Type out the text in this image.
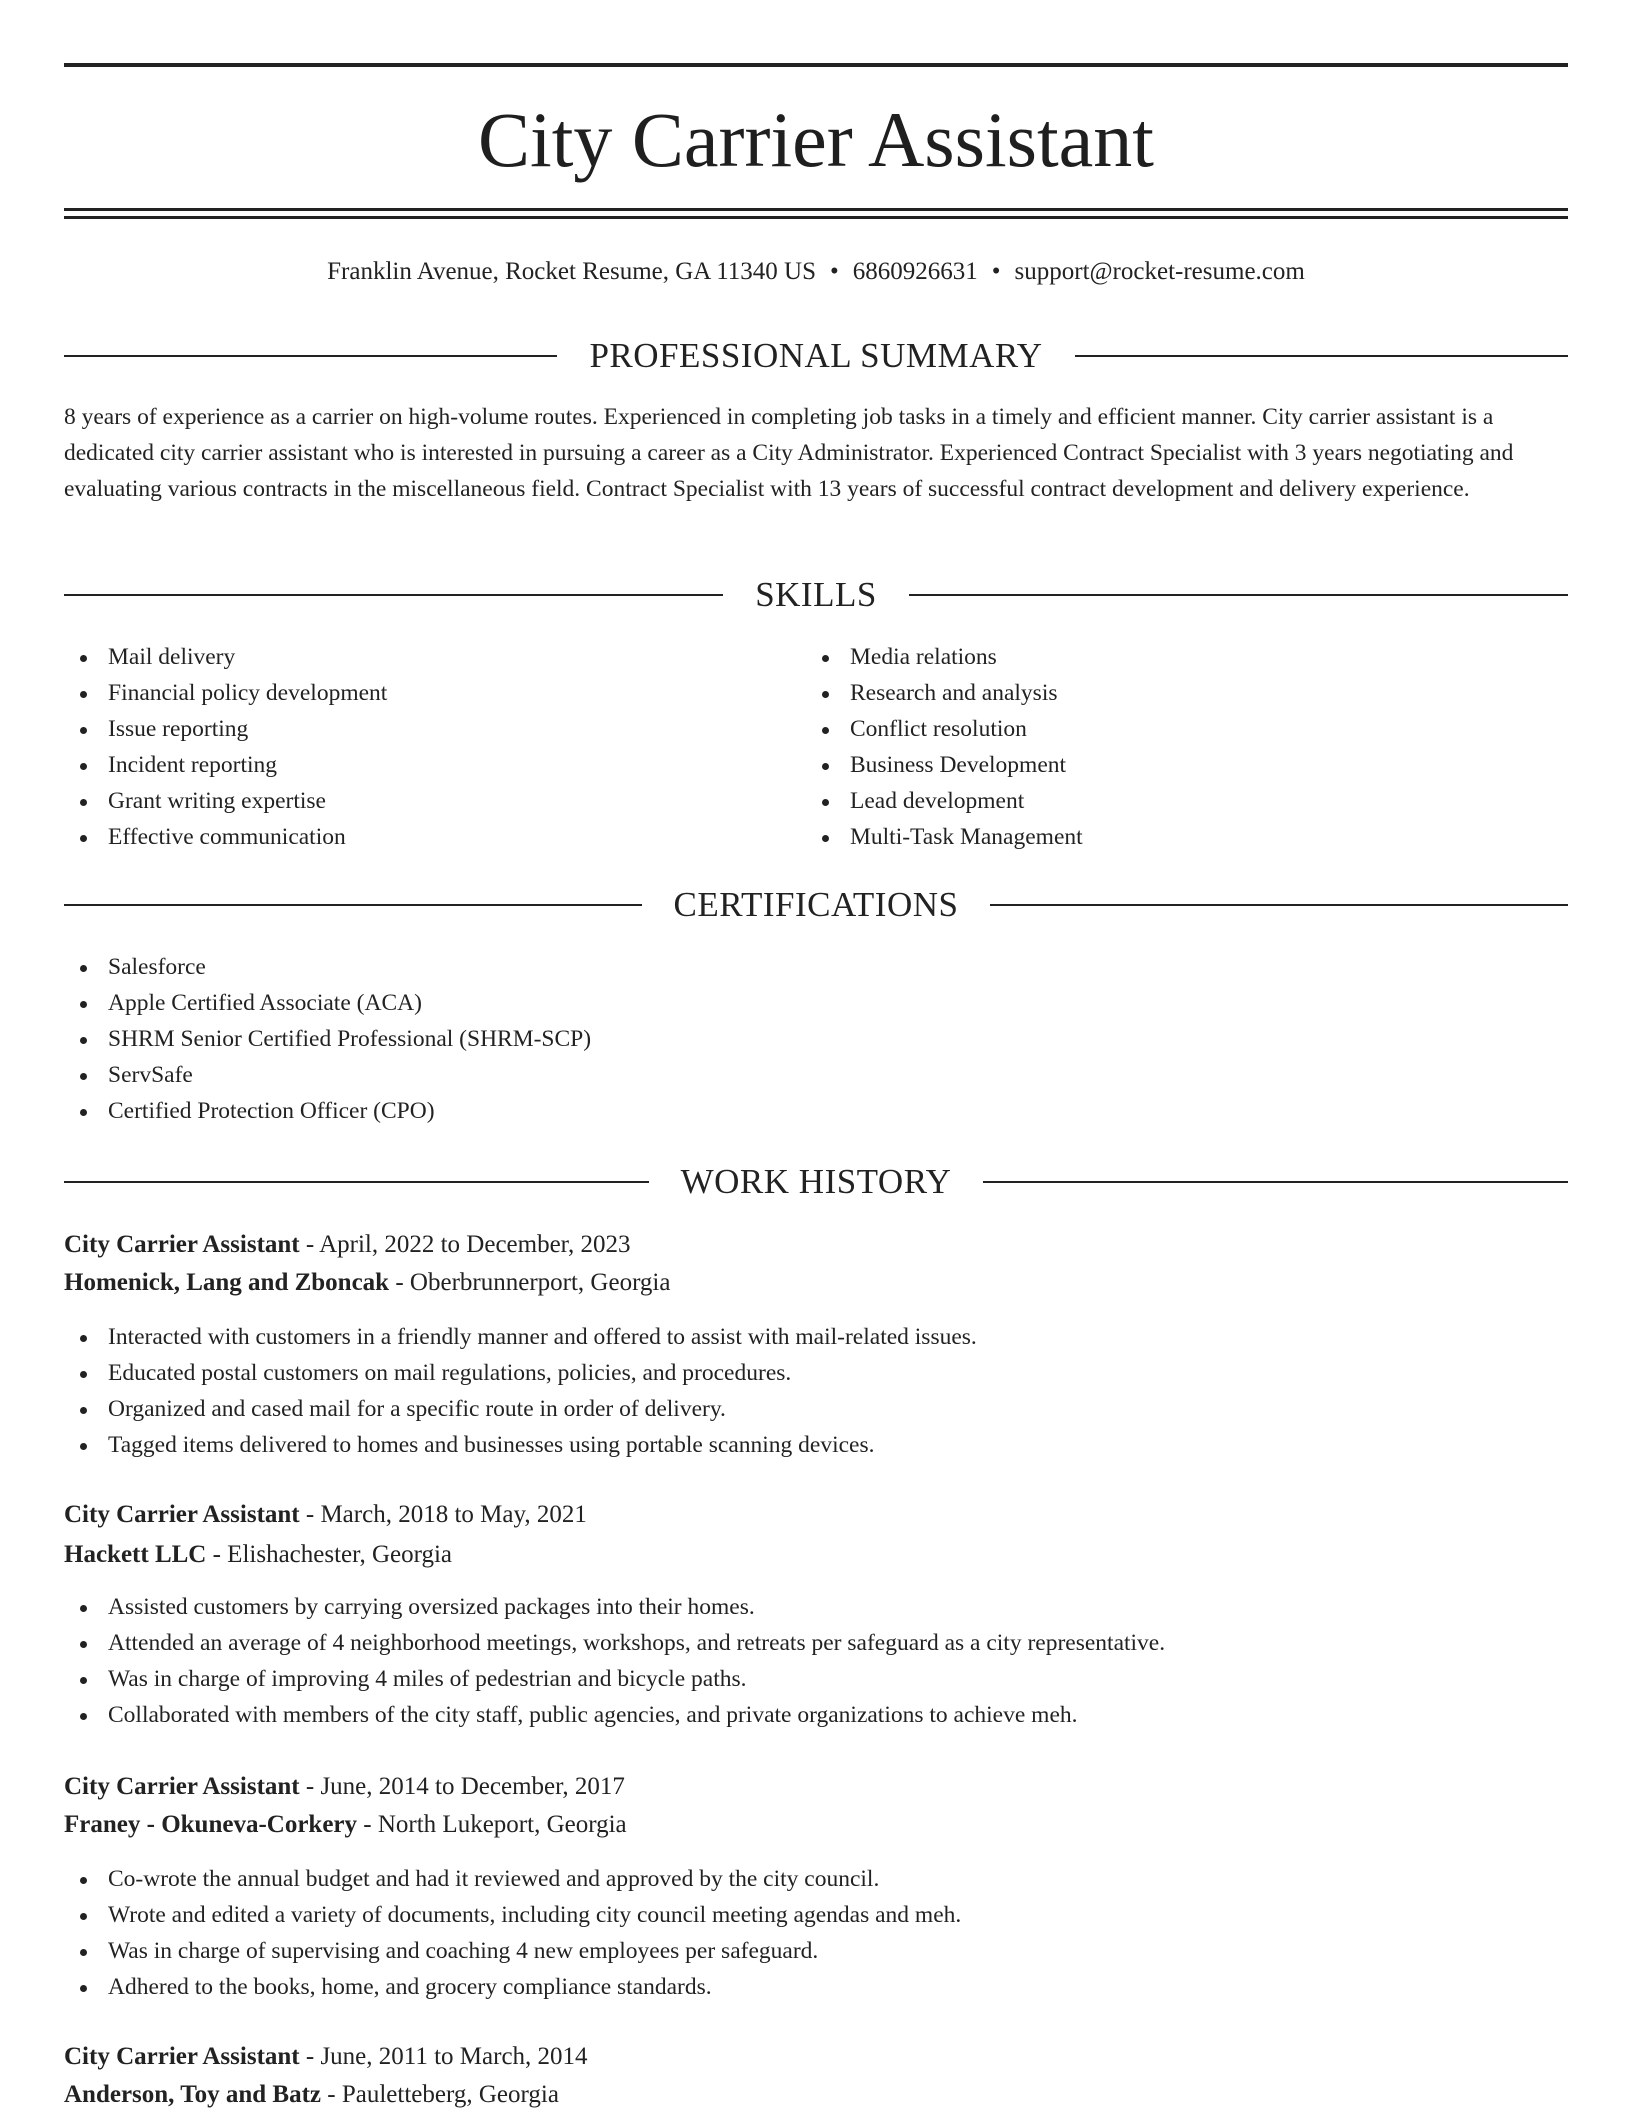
City Carrier Assistant
Franklin Avenue, Rocket Resume, GA 11340 US • 6860926631 • support@rocket-resume.com
PROFESSIONAL SUMMARY

8 years of experience as a carrier on high-volume routes. Experienced in completing job tasks in a timely and efficient manner. City carrier assistant is a dedicated city carrier assistant who is interested in pursuing a career as a City Administrator. Experienced Contract Specialist with 3 years negotiating and evaluating various contracts in the miscellaneous field. Contract Specialist with 13 years of successful contract development and delivery experience.

SKILLS
Mail delivery
Financial policy development
Issue reporting
Incident reporting
Grant writing expertise
Effective communication
Media relations
Research and analysis
Conflict resolution
Business Development
Lead development
Multi-Task Management
CERTIFICATIONS
Salesforce
Apple Certified Associate (ACA)
SHRM Senior Certified Professional (SHRM-SCP)
ServSafe
Certified Protection Officer (CPO)
WORK HISTORY
City Carrier Assistant - April, 2022 to December, 2023
Homenick, Lang and Zboncak - Oberbrunnerport, Georgia
Interacted with customers in a friendly manner and offered to assist with mail-related issues.
Educated postal customers on mail regulations, policies, and procedures.
Organized and cased mail for a specific route in order of delivery.
Tagged items delivered to homes and businesses using portable scanning devices.
City Carrier Assistant - March, 2018 to May, 2021
Hackett LLC - Elishachester, Georgia
Assisted customers by carrying oversized packages into their homes.
Attended an average of 4 neighborhood meetings, workshops, and retreats per safeguard as a city representative.
Was in charge of improving 4 miles of pedestrian and bicycle paths.
Collaborated with members of the city staff, public agencies, and private organizations to achieve meh.
City Carrier Assistant - June, 2014 to December, 2017
Franey - Okuneva-Corkery - North Lukeport, Georgia
Co-wrote the annual budget and had it reviewed and approved by the city council.
Wrote and edited a variety of documents, including city council meeting agendas and meh.
Was in charge of supervising and coaching 4 new employees per safeguard.
Adhered to the books, home, and grocery compliance standards.
City Carrier Assistant - June, 2011 to March, 2014
Anderson, Toy and Batz - Pauletteberg, Georgia
